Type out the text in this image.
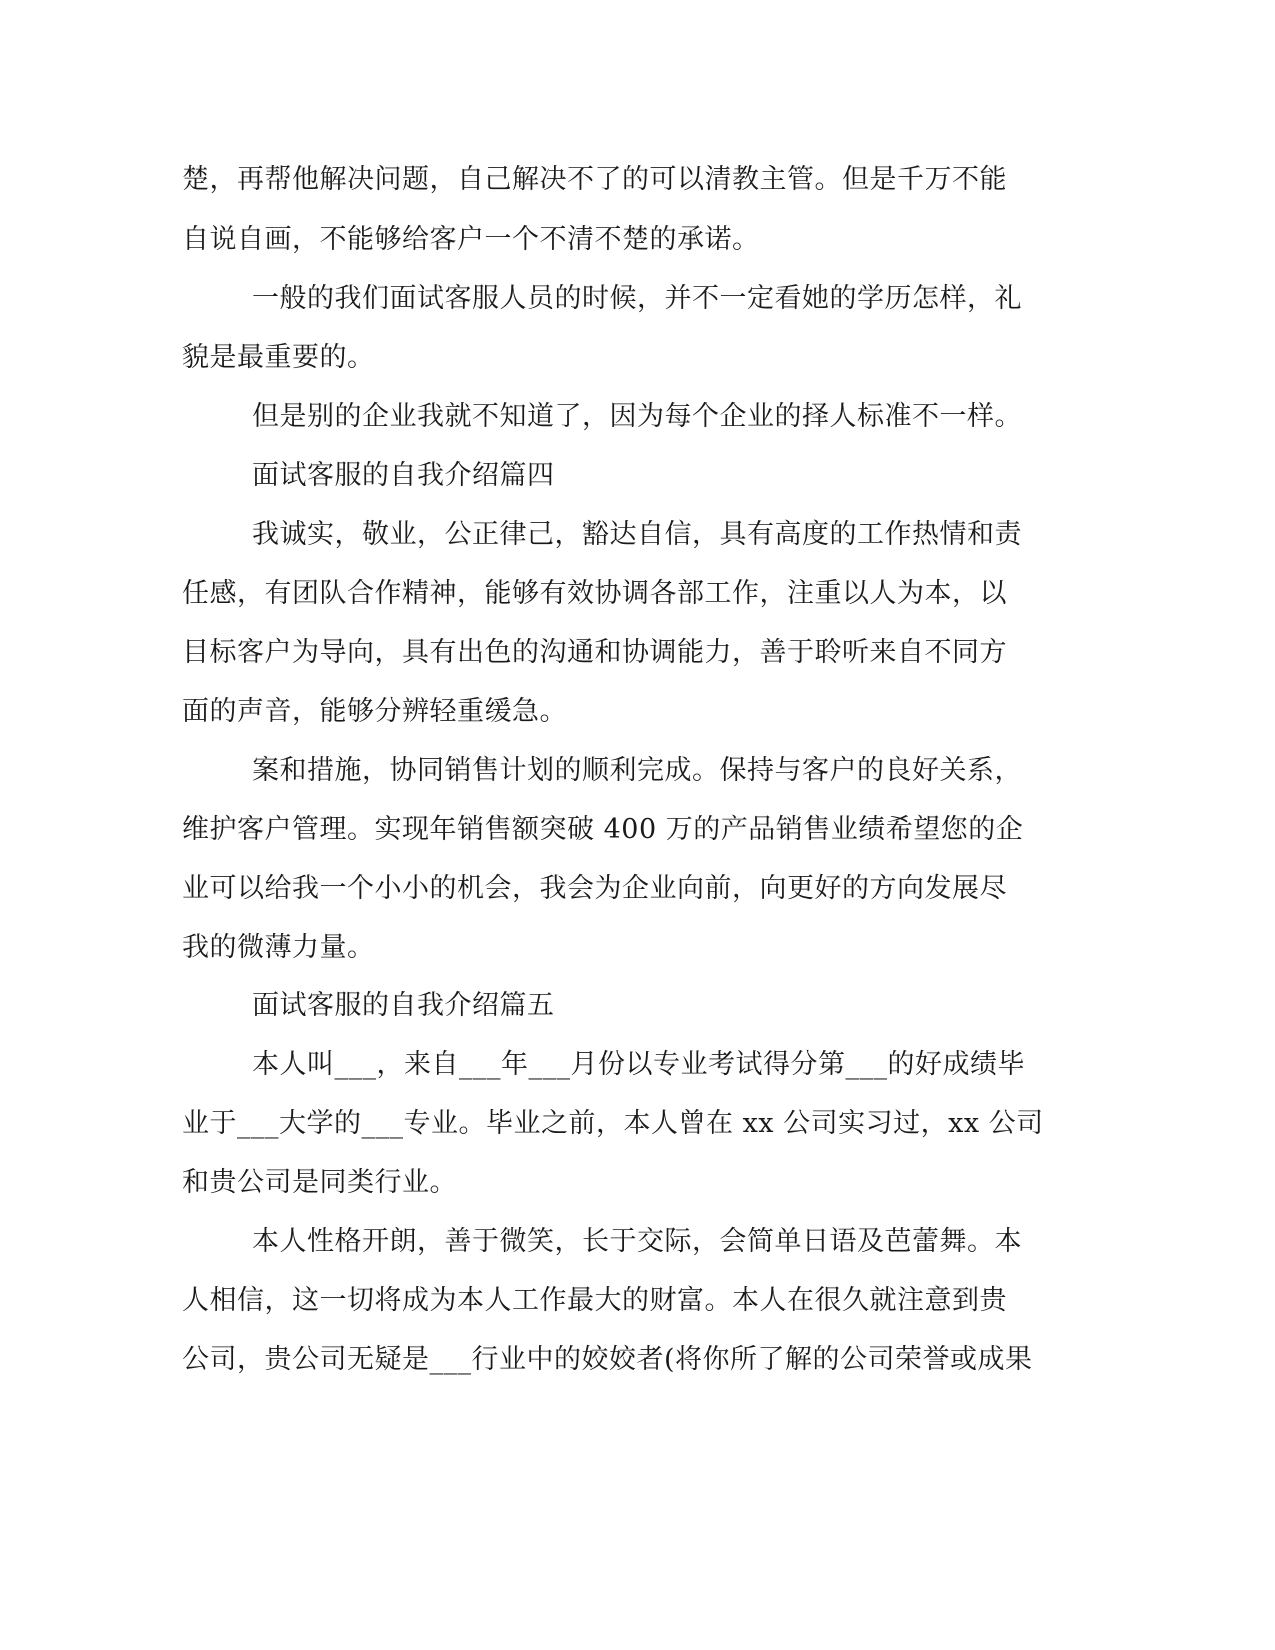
楚，再帮他解决问题，自己解决不了的可以清教主管。但是千万不能

自说自画，不能够给客户一个不清不楚的承诺。

一般的我们面试客服人员的时候，并不一定看她的学历怎样，礼

貌是最重要的。

但是别的企业我就不知道了，因为每个企业的择人标准不一样。

面试客服的自我介绍篇四

我诚实，敬业，公正律己，豁达自信，具有高度的工作热情和责

任感，有团队合作精神，能够有效协调各部工作，注重以人为本，以

目标客户为导向，具有出色的沟通和协调能力，善于聆听来自不同方

面的声音，能够分辨轻重缓急。

案和措施，协同销售计划的顺利完成。保持与客户的良好关系，

维护客户管理。实现年销售额突破 400 万的产品销售业绩希望您的企

业可以给我一个小小的机会，我会为企业向前，向更好的方向发展尽

我的微薄力量。

面试客服的自我介绍篇五

本人叫___，来自___年___月份以专业考试得分第___的好成绩毕

业于___大学的___专业。毕业之前，本人曾在 xx 公司实习过，xx 公司

和贵公司是同类行业。

本人性格开朗，善于微笑，长于交际，会简单日语及芭蕾舞。本

人相信，这一切将成为本人工作最大的财富。本人在很久就注意到贵

公司，贵公司无疑是___行业中的姣姣者(将你所了解的公司荣誉或成果
